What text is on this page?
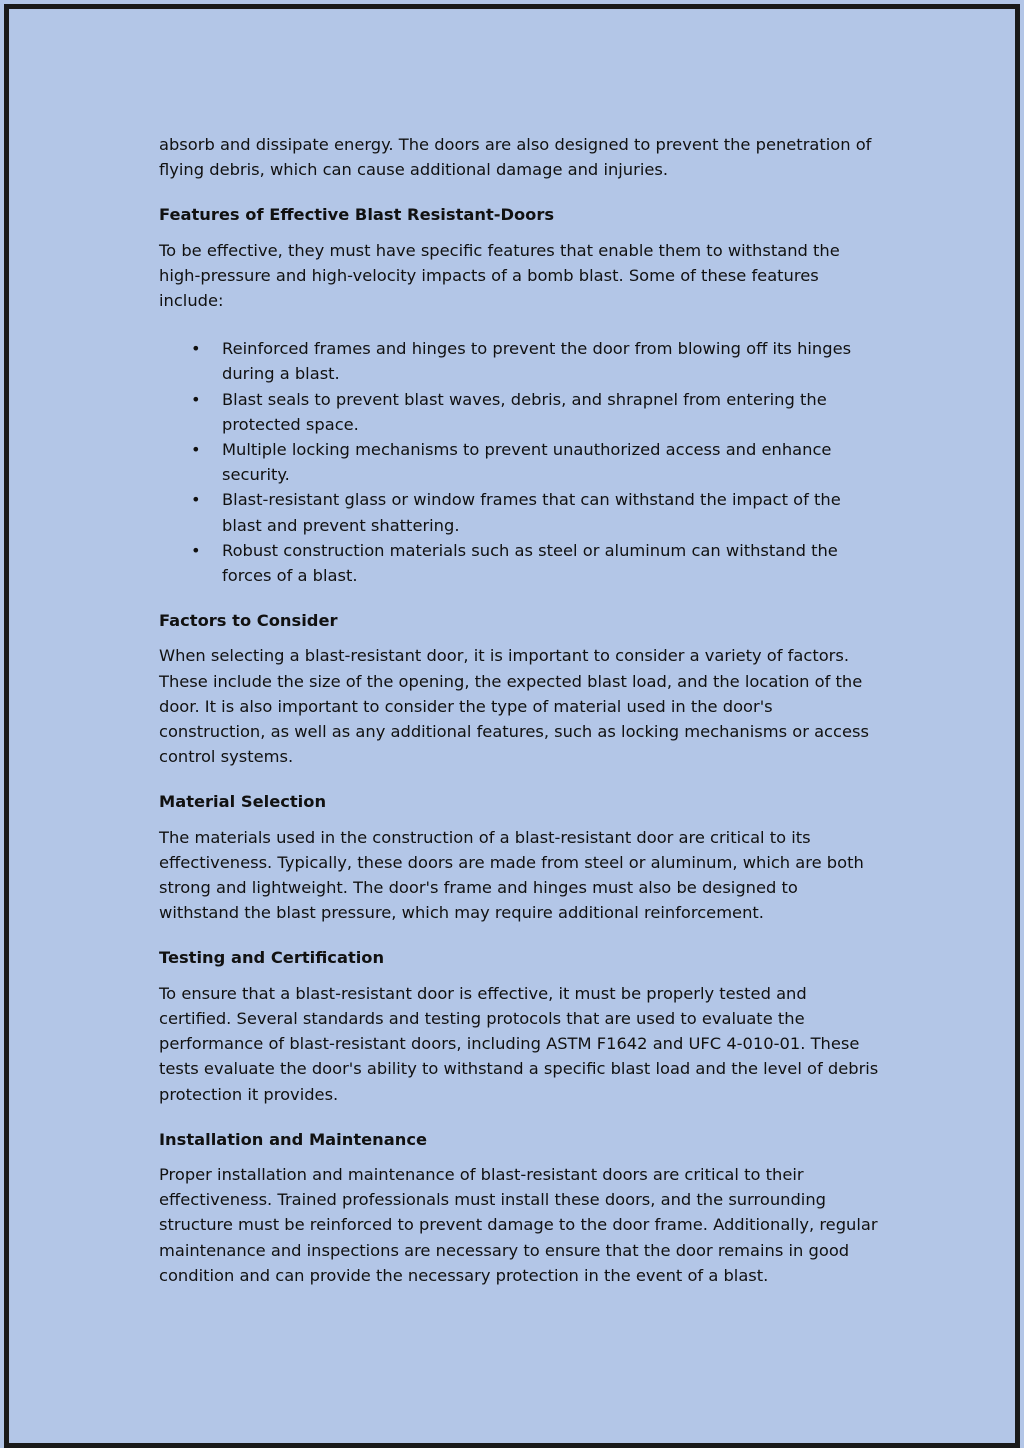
absorb and dissipate energy. The doors are also designed to prevent the penetration of flying debris, which can cause additional damage and injuries.

Features of Effective Blast Resistant-Doors

To be effective, they must have specific features that enable them to withstand the high-pressure and high-velocity impacts of a bomb blast. Some of these features include:

• Reinforced frames and hinges to prevent the door from blowing off its hinges during a blast.
• Blast seals to prevent blast waves, debris, and shrapnel from entering the protected space.
• Multiple locking mechanisms to prevent unauthorized access and enhance security.
• Blast-resistant glass or window frames that can withstand the impact of the blast and prevent shattering.
• Robust construction materials such as steel or aluminum can withstand the forces of a blast.
Factors to Consider

When selecting a blast-resistant door, it is important to consider a variety of factors. These include the size of the opening, the expected blast load, and the location of the door. It is also important to consider the type of material used in the door's construction, as well as any additional features, such as locking mechanisms or access control systems.

Material Selection

The materials used in the construction of a blast-resistant door are critical to its effectiveness. Typically, these doors are made from steel or aluminum, which are both strong and lightweight. The door's frame and hinges must also be designed to withstand the blast pressure, which may require additional reinforcement.

Testing and Certification

To ensure that a blast-resistant door is effective, it must be properly tested and certified. Several standards and testing protocols that are used to evaluate the performance of blast-resistant doors, including ASTM F1642 and UFC 4-010-01. These tests evaluate the door's ability to withstand a specific blast load and the level of debris protection it provides.

Installation and Maintenance

Proper installation and maintenance of blast-resistant doors are critical to their effectiveness. Trained professionals must install these doors, and the surrounding structure must be reinforced to prevent damage to the door frame. Additionally, regular maintenance and inspections are necessary to ensure that the door remains in good condition and can provide the necessary protection in the event of a blast.
